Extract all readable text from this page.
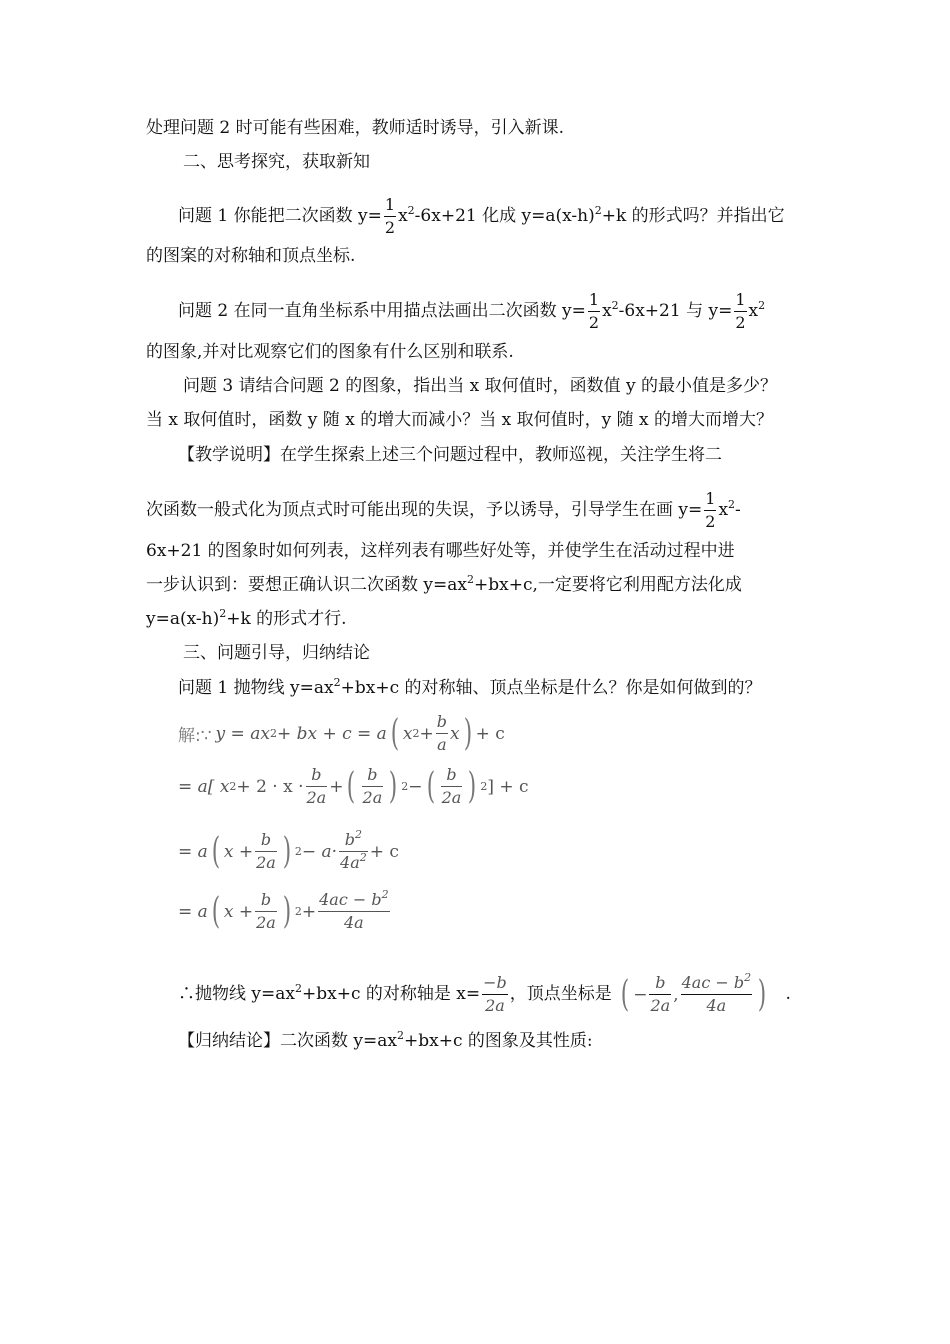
处理问题 2 时可能有些困难，教师适时诱导，引入新课.
二、思考探究，获取新知
问题 1 你能把二次函数 $y= \frac{1}{2} x^2-6x+21$ 化成 $y=a(x-h)^2+k$ 的形式吗？并指出它
的图案的对称轴和顶点坐标.
问题 2 在同一直角坐标系中用描点法画出二次函数 $y= \frac{1}{2} x^2-6x+21$ 与 $y= \frac{1}{2} x^2$
的图象,并对比观察它们的图象有什么区别和联系.
问题 3 请结合问题 2 的图象，指出当 x 取何值时，函数值 y 的最小值是多少？
当 x 取何值时，函数 y 随 x 的增大而减小？当 x 取何值时，y 随 x 的增大而增大？
【教学说明】在学生探索上述三个问题过程中，教师巡视，关注学生将二
次函数一般式化为顶点式时可能出现的失误，予以诱导，引导学生在画 $y= \frac{1}{2} x^2-$
6x+21 的图象时如何列表，这样列表有哪些好处等，并使学生在活动过程中进
一步认识到：要想正确认识二次函数 $y=ax^2+bx+c$,一定要将它利用配方法化成
$y=a(x-h)^2+k$ 的形式才行.
三、问题引导，归纳结论
问题 1 抛物线 $y=ax^2+bx+c$ 的对称轴、顶点坐标是什么？你是如何做到的？
解:∵ y = ax 2 + bx + c = a ( x $2 + \frac{b}{a}$ x ) + c
= a[ x $2 + 2 \cdot x \cdot \frac{b}{2a}$ + ( $\frac{b}{2a}$ ) 2 − ( $\frac{b}{2a}$ ) 2 ] + c
= a ( $x + \frac{b}{2a}$ ) $2 - a\cdot \frac{b^2}{4a^2} + c$
= a ( $x + \frac{b}{2a}$ ) $2 + \frac{4ac - b^2}{4a}$
∴抛物线 $y=ax^2+bx+c$ 的对称轴是 $x= \frac{-b}{2a}$ ，顶点坐标是 ( − $\frac{b}{2a}$ , $\frac{4ac - b^2}{4a}$ ) .
【归纳结论】二次函数 $y=ax^2+bx+c$ 的图象及其性质:
